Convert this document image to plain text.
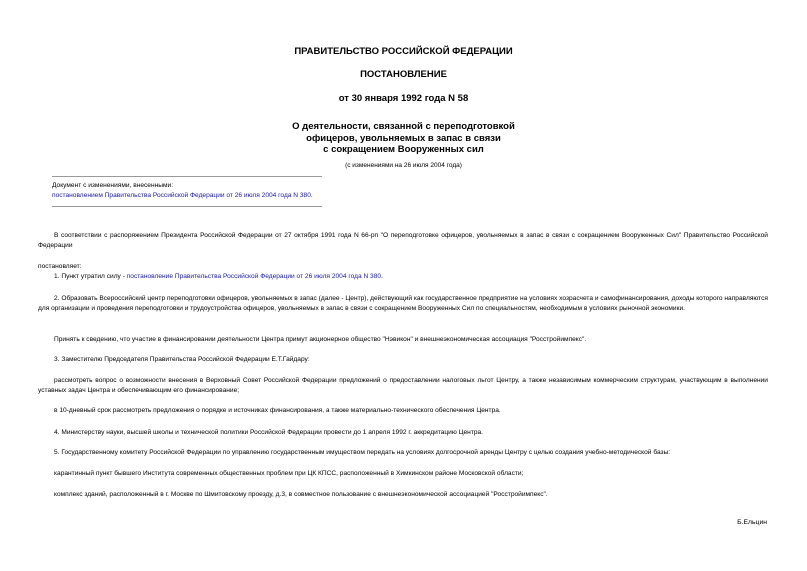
ПРАВИТЕЛЬСТВО РОССИЙСКОЙ ФЕДЕРАЦИИ
ПОСТАНОВЛЕНИЕ
от 30 января 1992 года N 58
О деятельности, связанной с переподготовкой
офицеров, увольняемых в запас в связи
с сокращением Вооруженных сил
(с изменениями на 26 июля 2004 года)
Документ с изменениями, внесенными:
постановлением Правительства Российской Федерации от 26 июля 2004 года N 380.
В соответствии с распоряжением Президента Российской Федерации от 27 октября 1991 года N 66-рп "О переподготовке офицеров, увольняемых в запас в связи с сокращением Вооруженных Сил" Правительство Российской Федерации
постановляет:
1. Пункт утратил силу - постановление Правительства Российской Федерации от 26 июля 2004 года N 380.
2. Образовать Всероссийский центр переподготовки офицеров, увольняемых в запас (далее - Центр), действующий как государственное предприятие на условиях хозрасчета и самофинансирования, доходы которого направляются для организации и проведения переподготовки и трудоустройства офицеров, увольняемых в запас в связи с сокращением Вооруженных Сил по специальностям, необходимым в условиях рыночной экономики.
Принять к сведению, что участие в финансировании деятельности Центра примут акционерное общество "Нэвикон" и внешнеэкономическая ассоциация "Росстройимпекс".
3. Заместителю Председателя Правительства Российской Федерации Е.Т.Гайдару:
рассмотреть вопрос о возможности внесения в Верховный Совет Российской Федерации предложений о предоставлении налоговых льгот Центру, а также независимым коммерческим структурам, участвующим в выполнении уставных задач Центра и обеспечивающим его финансирование;
в 10-дневный срок рассмотреть предложения о порядке и источниках финансирования, а также материально-технического обеспечения Центра.
4. Министерству науки, высшей школы и технической политики Российской Федерации провести до 1 апреля 1992 г. аккредитацию Центра.
5. Государственному комитету Российской Федерации по управлению государственным имуществом передать на условиях долгосрочной аренды Центру с целью создания учебно-методической базы:
карантинный пункт бывшего Института современных общественных проблем при ЦК КПСС, расположенный в Химкинском районе Московской области;
комплекс зданий, расположенный в г. Москве по Шмитовскому проезду, д.3, в совместное пользование с внешнеэкономической ассоциацией "Росстройимпекс".
Б.Ельцин
